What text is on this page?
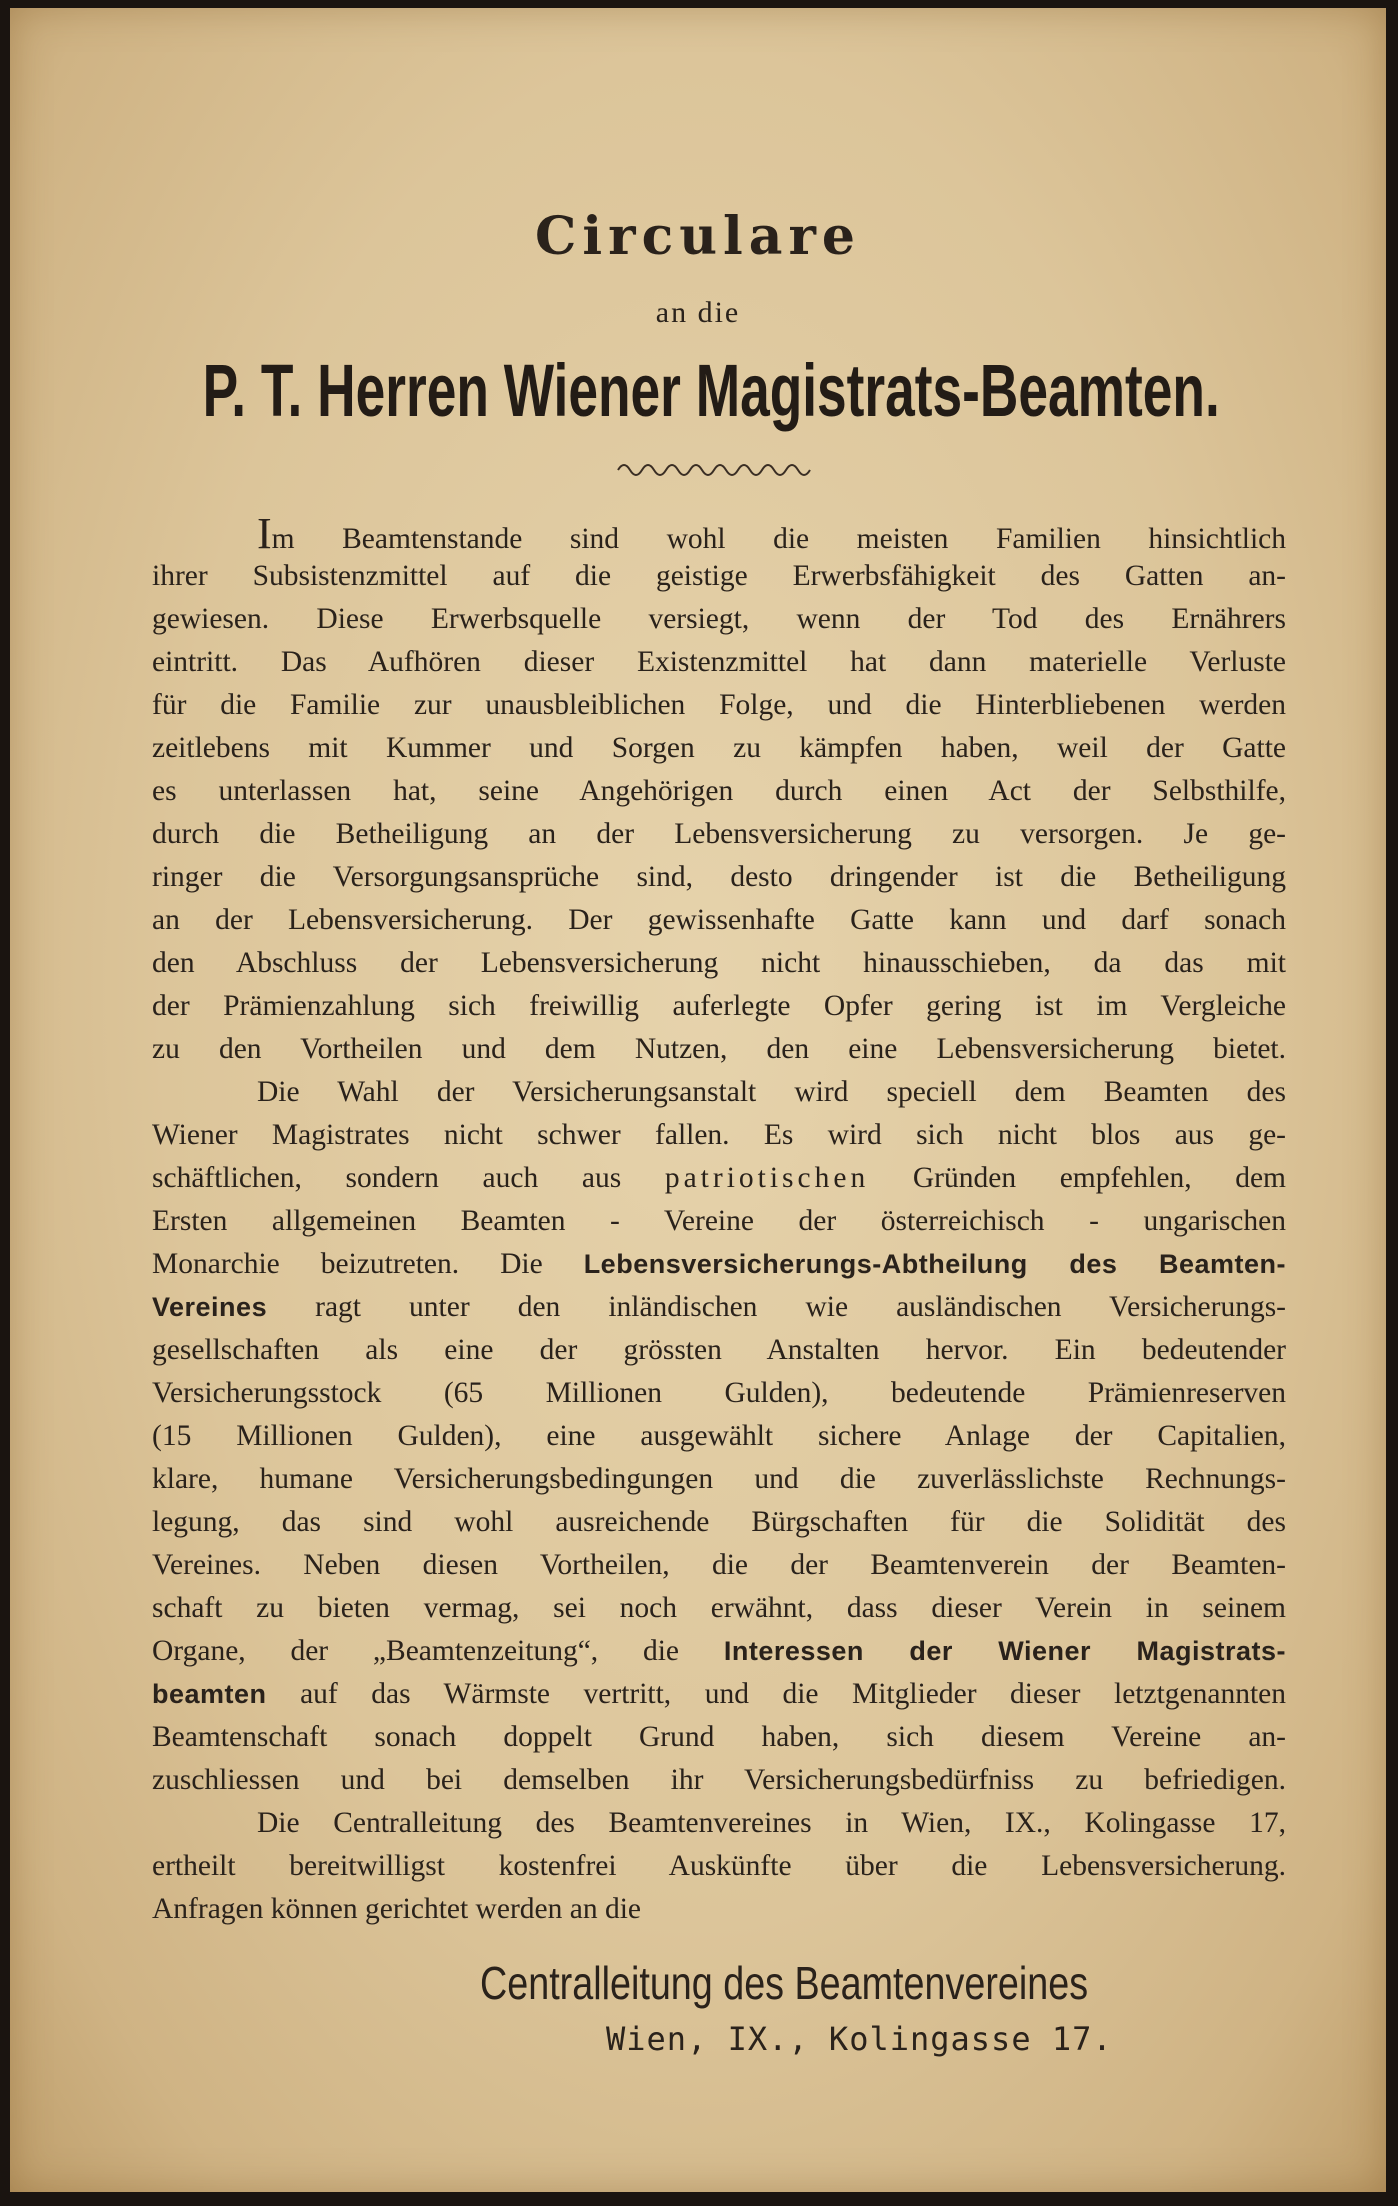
Circulare
an die
P. T. Herren Wiener Magistrats-Beamten.
Im Beamtenstande sind wohl die meisten Familien hinsichtlich
ihrer Subsistenzmittel auf die geistige Erwerbsfähigkeit des Gatten an-
gewiesen. Diese Erwerbsquelle versiegt, wenn der Tod des Ernährers
eintritt. Das Aufhören dieser Existenzmittel hat dann materielle Verluste
für die Familie zur unausbleiblichen Folge, und die Hinterbliebenen werden
zeitlebens mit Kummer und Sorgen zu kämpfen haben, weil der Gatte
es unterlassen hat, seine Angehörigen durch einen Act der Selbsthilfe,
durch die Betheiligung an der Lebensversicherung zu versorgen. Je ge-
ringer die Versorgungsansprüche sind, desto dringender ist die Betheiligung
an der Lebensversicherung. Der gewissenhafte Gatte kann und darf sonach
den Abschluss der Lebensversicherung nicht hinausschieben, da das mit
der Prämienzahlung sich freiwillig auferlegte Opfer gering ist im Vergleiche
zu den Vortheilen und dem Nutzen, den eine Lebensversicherung bietet.
Die Wahl der Versicherungsanstalt wird speciell dem Beamten des
Wiener Magistrates nicht schwer fallen. Es wird sich nicht blos aus ge-
schäftlichen, sondern auch aus patriotischen Gründen empfehlen, dem
Ersten allgemeinen Beamten - Vereine der österreichisch - ungarischen
Monarchie beizutreten. Die Lebensversicherungs-Abtheilung des Beamten-
Vereines ragt unter den inländischen wie ausländischen Versicherungs-
gesellschaften als eine der grössten Anstalten hervor. Ein bedeutender
Versicherungsstock (65 Millionen Gulden), bedeutende Prämienreserven
(15 Millionen Gulden), eine ausgewählt sichere Anlage der Capitalien,
klare, humane Versicherungsbedingungen und die zuverlässlichste Rechnungs-
legung, das sind wohl ausreichende Bürgschaften für die Solidität des
Vereines. Neben diesen Vortheilen, die der Beamtenverein der Beamten-
schaft zu bieten vermag, sei noch erwähnt, dass dieser Verein in seinem
Organe, der „Beamtenzeitung“, die Interessen der Wiener Magistrats-
beamten auf das Wärmste vertritt, und die Mitglieder dieser letztgenannten
Beamtenschaft sonach doppelt Grund haben, sich diesem Vereine an-
zuschliessen und bei demselben ihr Versicherungsbedürfniss zu befriedigen.
Die Centralleitung des Beamtenvereines in Wien, IX., Kolingasse 17,
ertheilt bereitwilligst kostenfrei Auskünfte über die Lebensversicherung.
Anfragen können gerichtet werden an die
Centralleitung des Beamtenvereines
Wien, IX., Kolingasse 17.
